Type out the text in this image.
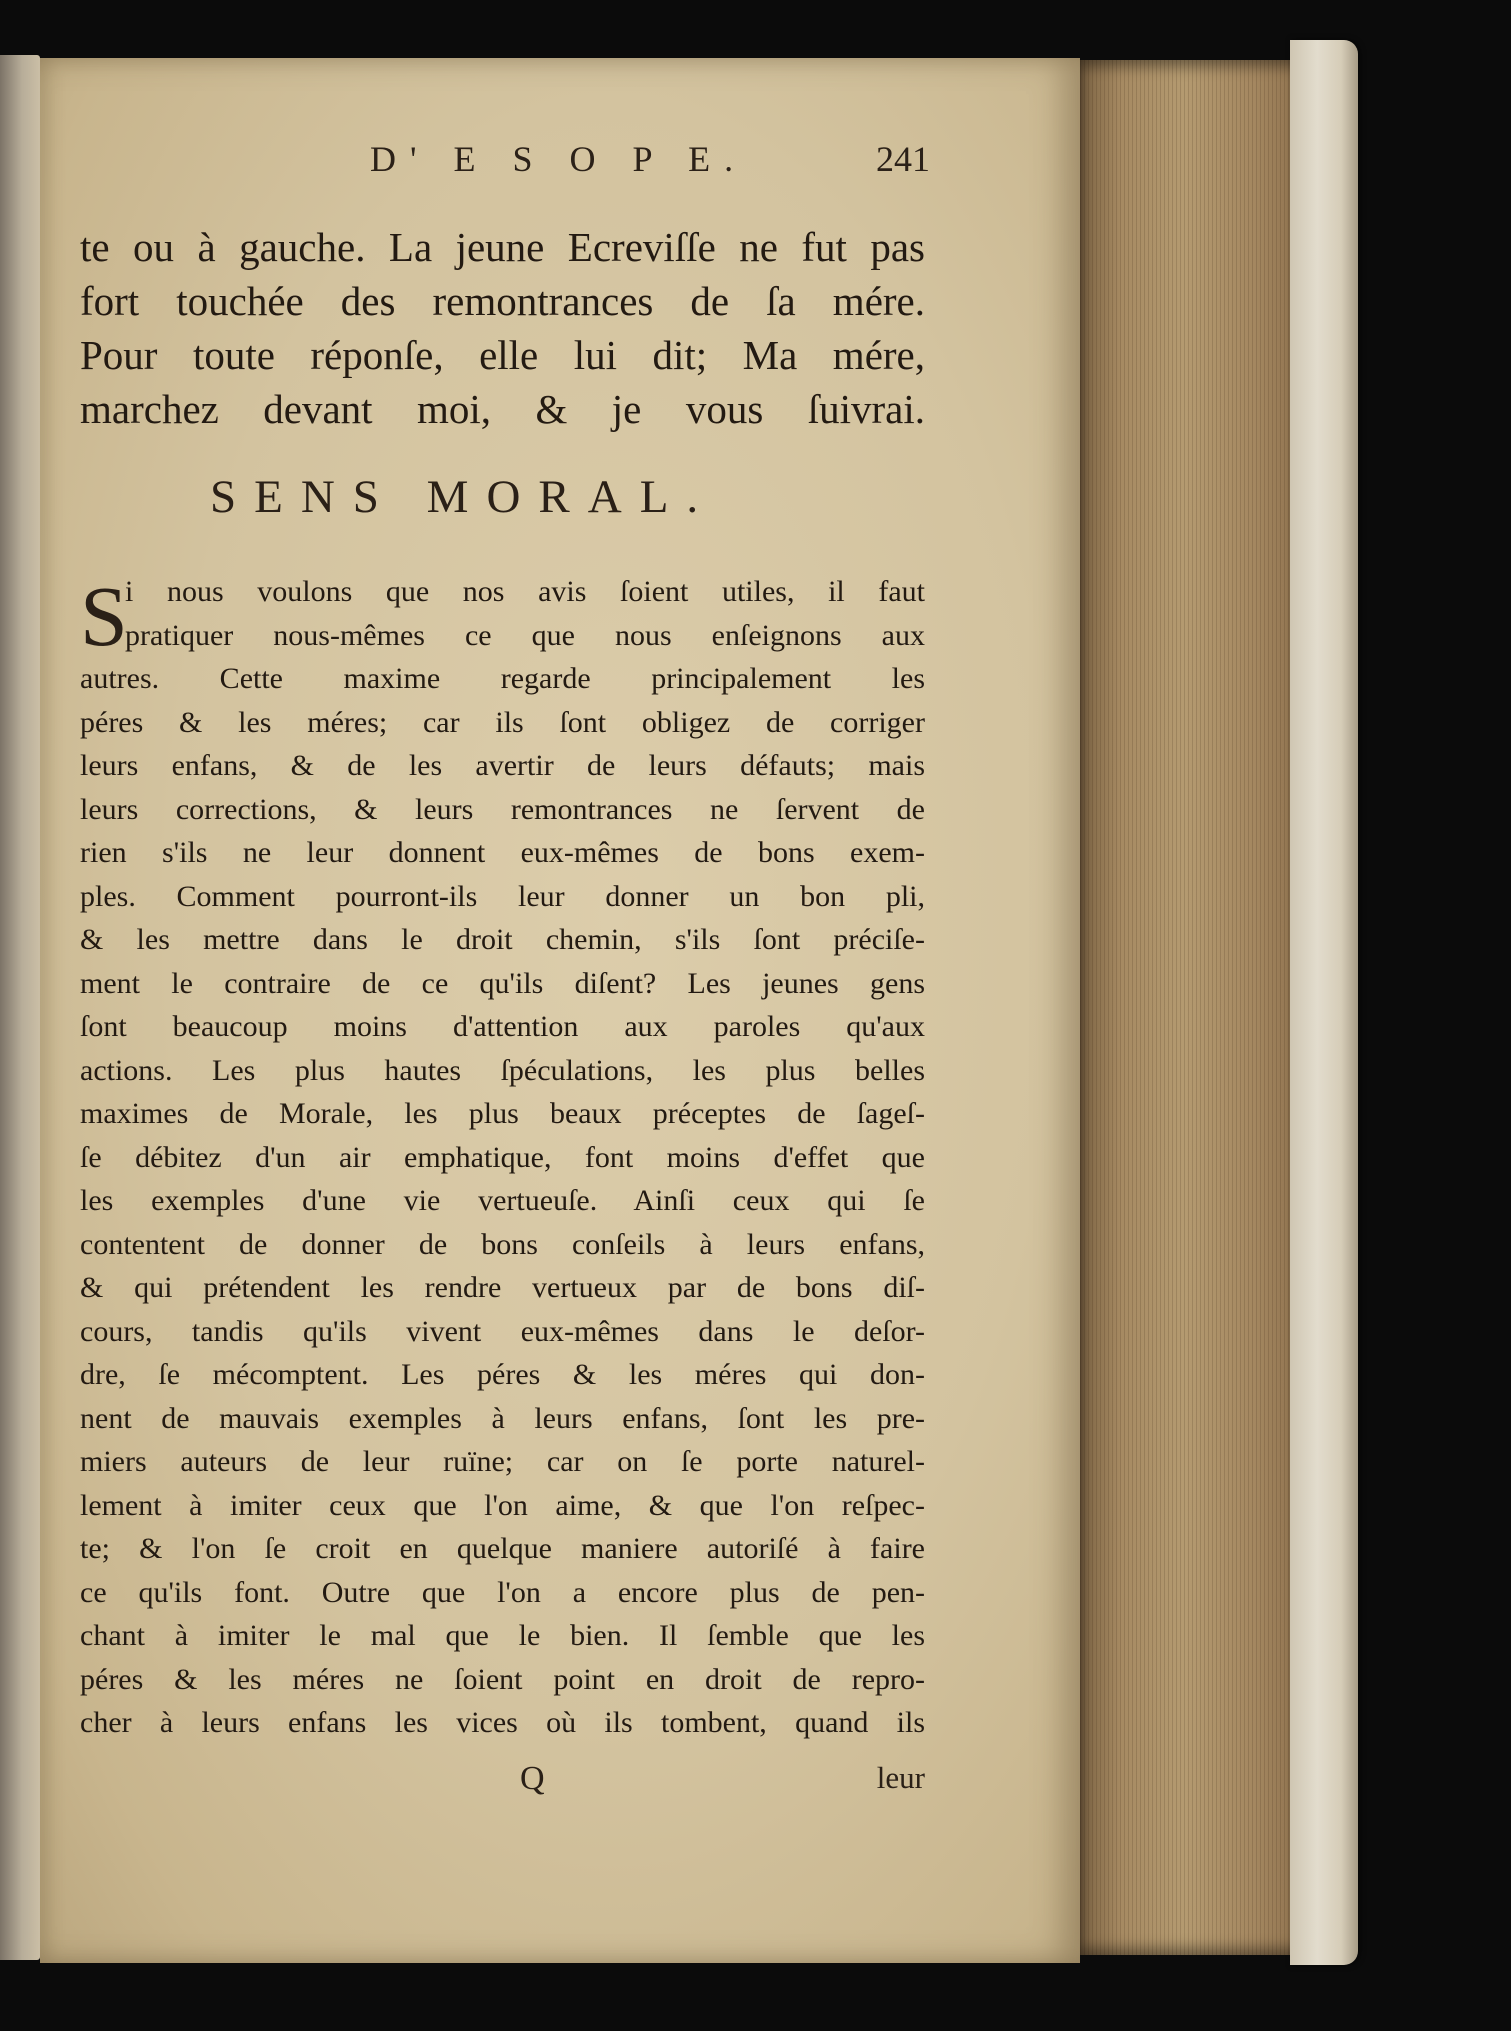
D' E S O P E.	241
te ou à gauche. La jeune Ecreviſſe ne fut pas
fort touchée des remontrances de ſa mére.
Pour toute réponſe, elle lui dit; Ma mére,
marchez devant moi, & je vous ſuivrai.
SENS MORAL.
S
i nous voulons que nos avis ſoient utiles, il faut
pratiquer nous-mêmes ce que nous enſeignons aux
autres. Cette maxime regarde principalement les
péres & les méres; car ils ſont obligez de corriger
leurs enfans, & de les avertir de leurs défauts; mais
leurs corrections, & leurs remontrances ne ſervent de
rien s'ils ne leur donnent eux-mêmes de bons exem-
ples. Comment pourront-ils leur donner un bon pli,
& les mettre dans le droit chemin, s'ils ſont préciſe-
ment le contraire de ce qu'ils diſent? Les jeunes gens
ſont beaucoup moins d'attention aux paroles qu'aux
actions. Les plus hautes ſpéculations, les plus belles
maximes de Morale, les plus beaux préceptes de ſageſ-
ſe débitez d'un air emphatique, font moins d'effet que
les exemples d'une vie vertueuſe. Ainſi ceux qui ſe
contentent de donner de bons conſeils à leurs enfans,
& qui prétendent les rendre vertueux par de bons diſ-
cours, tandis qu'ils vivent eux-mêmes dans le deſor-
dre, ſe mécomptent. Les péres & les méres qui don-
nent de mauvais exemples à leurs enfans, ſont les pre-
miers auteurs de leur ruïne; car on ſe porte naturel-
lement à imiter ceux que l'on aime, & que l'on reſpec-
te; & l'on ſe croit en quelque maniere autoriſé à faire
ce qu'ils font. Outre que l'on a encore plus de pen-
chant à imiter le mal que le bien. Il ſemble que les
péres & les méres ne ſoient point en droit de repro-
cher à leurs enfans les vices où ils tombent, quand ils
Q	leur
